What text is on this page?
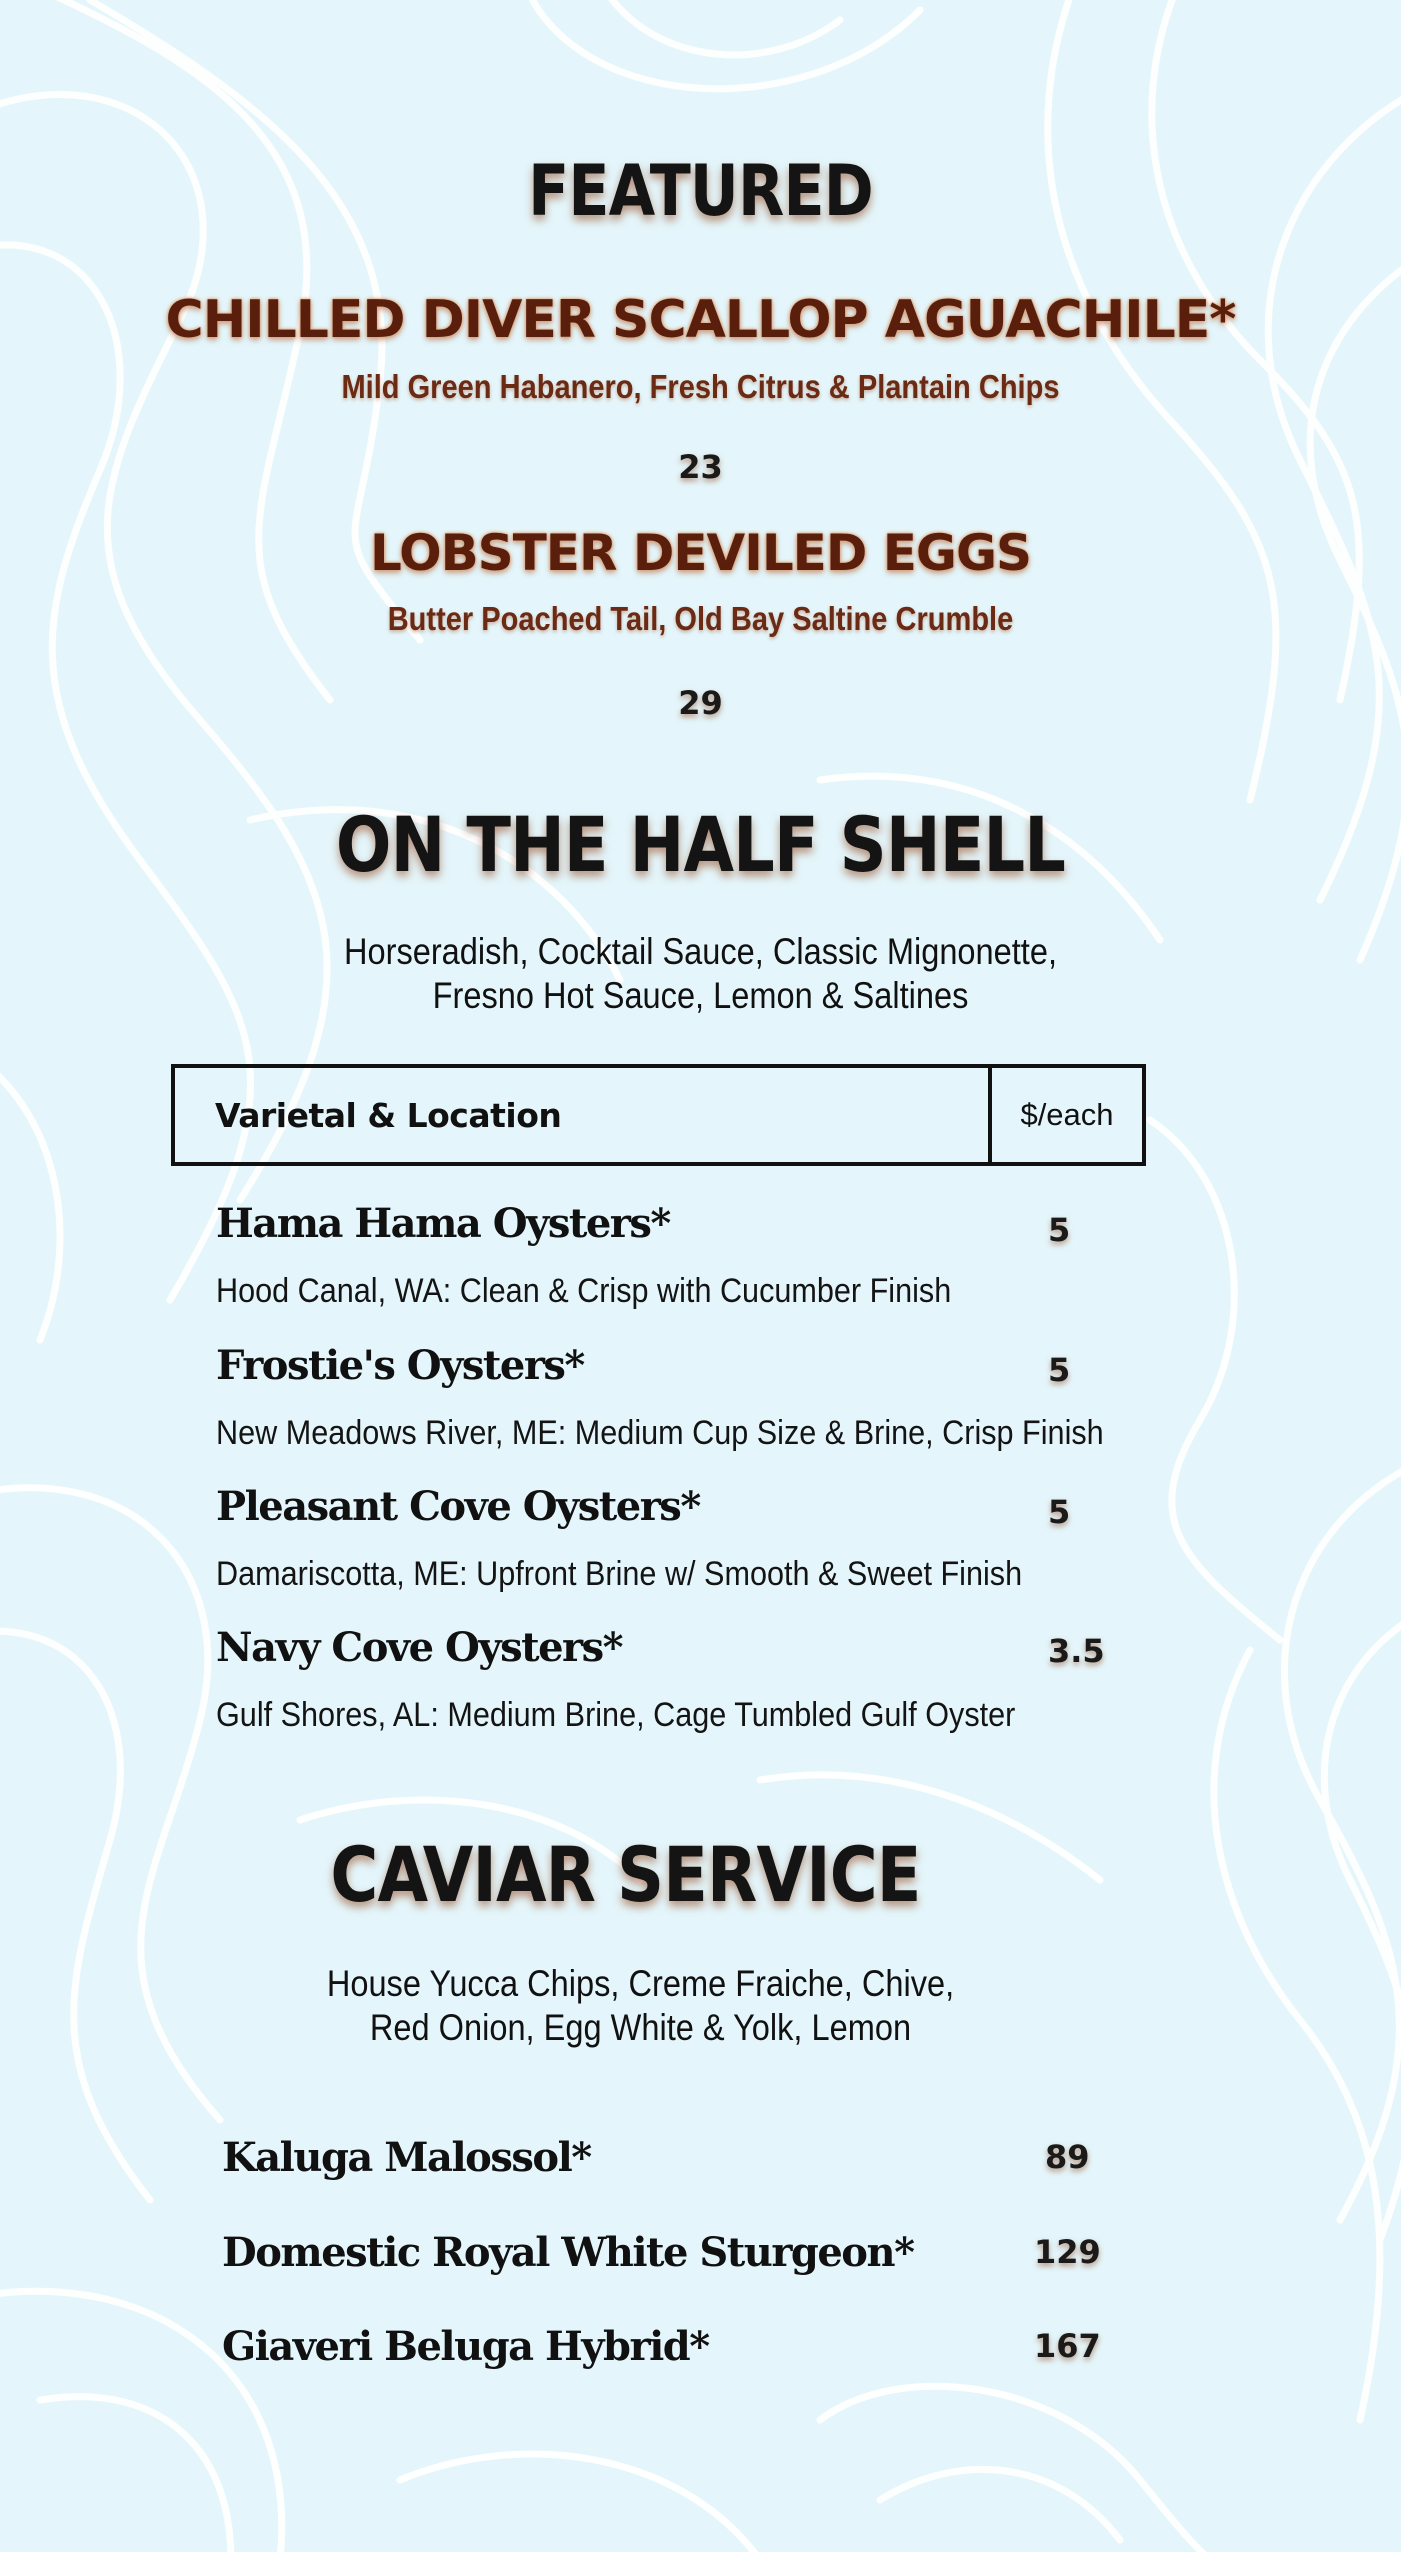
FEATURED
CHILLED DIVER SCALLOP AGUACHILE*
Mild Green Habanero, Fresh Citrus & Plantain Chips
23
LOBSTER DEVILED EGGS
Butter Poached Tail, Old Bay Saltine Crumble
29
ON THE HALF SHELL
Horseradish, Cocktail Sauce, Classic Mignonette,
Fresno Hot Sauce, Lemon & Saltines
Varietal & Location	$/each
Hama Hama Oysters*	5
Hood Canal, WA: Clean & Crisp with Cucumber Finish
Frostie's Oysters*	5
New Meadows River, ME: Medium Cup Size & Brine, Crisp Finish
Pleasant Cove Oysters*	5
Damariscotta, ME: Upfront Brine w/ Smooth & Sweet Finish
Navy Cove Oysters*	3.5
Gulf Shores, AL: Medium Brine, Cage Tumbled Gulf Oyster
CAVIAR SERVICE
House Yucca Chips, Creme Fraiche, Chive,
Red Onion, Egg White & Yolk, Lemon
Kaluga Malossol*	89
Domestic Royal White Sturgeon*	129
Giaveri Beluga Hybrid*	167
